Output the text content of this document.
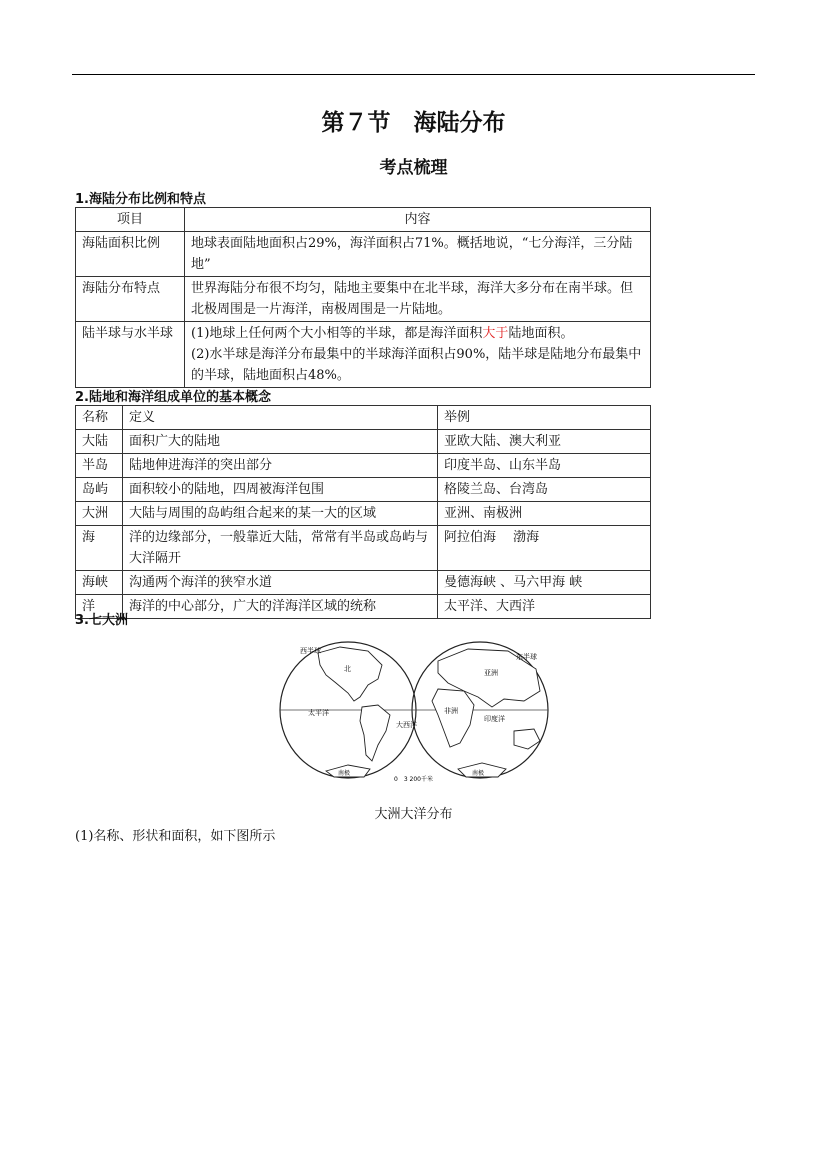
第７节　海陆分布
考点梳理
1.海陆分布比例和特点
项目	内容
海陆面积比例	地球表面陆地面积占29%，海洋面积占71%。概括地说，“七分海洋，三分陆地”
海陆分布特点	世界海陆分布很不均匀，陆地主要集中在北半球，海洋大多分布在南半球。但北极周围是一片海洋，南极周围是一片陆地。
陆半球与水半球	(1)地球上任何两个大小相等的半球，都是海洋面积大于陆地面积。
(2)水半球是海洋分布最集中的半球海洋面积占90%，陆半球是陆地分布最集中的半球，陆地面积占48%。
2.陆地和海洋组成单位的基本概念
名称	定义	举例
大陆	面积广大的陆地	亚欧大陆、澳大利亚
半岛	陆地伸进海洋的突出部分	印度半岛、山东半岛
岛屿	面积较小的陆地，四周被海洋包围	格陵兰岛、台湾岛
大洲	大陆与周围的岛屿组合起来的某一大的区域	亚洲、南极洲
海	洋的边缘部分，一般靠近大陆，常常有半岛或岛屿与大洋隔开	阿拉伯海　 渤海
海峡	沟通两个海洋的狭窄水道	曼德海峡 、马六甲海 峡
洋	海洋的中心部分，广大的洋海洋区域的统称	太平洋、大西洋
3.七大洲
西半球
东半球
北
太平洋
大西洋
印度洋
非洲
亚洲
南极	南极
0　3 200千米
大洲大洋分布
(1)名称、形状和面积，如下图所示
